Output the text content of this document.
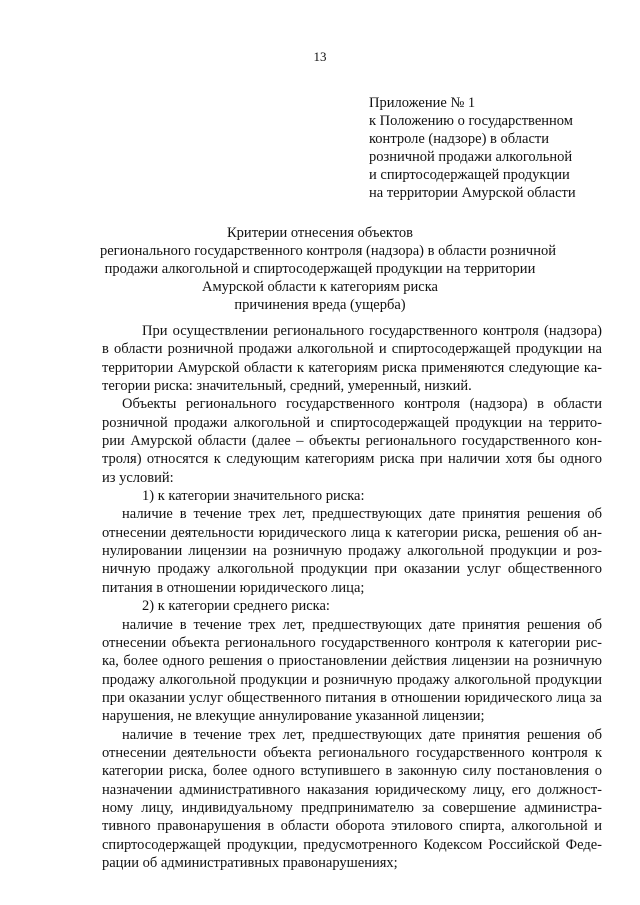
13
Приложение № 1
к Положению о государственном
контроле (надзоре) в области
розничной продажи алкогольной
и спиртосодержащей продукции
на территории Амурской области
Критерии отнесения объектов
регионального государственного контроля (надзора) в области розничной
продажи алкогольной и спиртосодержащей продукции на территории
Амурской области к категориям риска
причинения вреда (ущерба)
При осуществлении регионального государственного контроля (надзора)
в области розничной продажи алкогольной и спиртосодержащей продукции на
территории Амурской области к категориям риска применяются следующие ка-
тегории риска: значительный, средний, умеренный, низкий.
Объекты регионального государственного контроля (надзора) в области
розничной продажи алкогольной и спиртосодержащей продукции на террито-
рии Амурской области (далее – объекты регионального государственного кон-
троля) относятся к следующим категориям риска при наличии хотя бы одного
из условий:
1) к категории значительного риска:
наличие в течение трех лет, предшествующих дате принятия решения об
отнесении деятельности юридического лица к категории риска, решения об ан-
нулировании лицензии на розничную продажу алкогольной продукции и роз-
ничную продажу алкогольной продукции при оказании услуг общественного
питания в отношении юридического лица;
2) к категории среднего риска:
наличие в течение трех лет, предшествующих дате принятия решения об
отнесении объекта регионального государственного контроля к категории рис-
ка, более одного решения о приостановлении действия лицензии на розничную
продажу алкогольной продукции и розничную продажу алкогольной продукции
при оказании услуг общественного питания в отношении юридического лица за
нарушения, не влекущие аннулирование указанной лицензии;
наличие в течение трех лет, предшествующих дате принятия решения об
отнесении деятельности объекта регионального государственного контроля к
категории риска, более одного вступившего в законную силу постановления о
назначении административного наказания юридическому лицу, его должност-
ному лицу, индивидуальному предпринимателю за совершение администра-
тивного правонарушения в области оборота этилового спирта, алкогольной и
спиртосодержащей продукции, предусмотренного Кодексом Российской Феде-
рации об административных правонарушениях;
